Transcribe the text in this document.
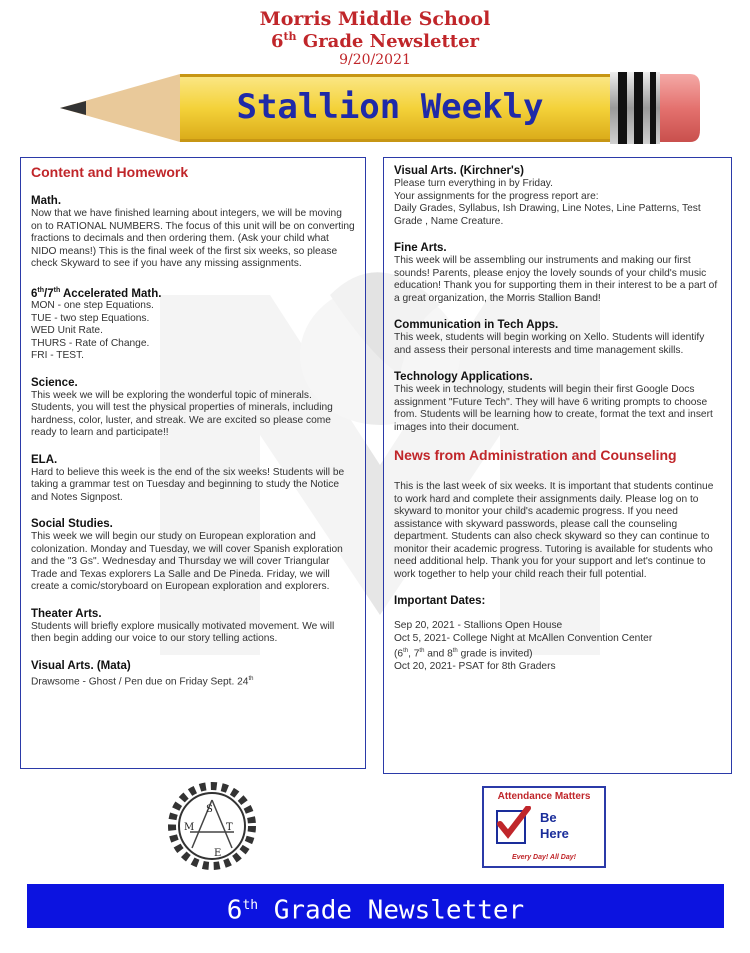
Morris Middle School
6th Grade Newsletter
9/20/2021
Stallion Weekly
Content and Homework
Math.
Now that we have finished learning about integers, we will be moving on to RATIONAL NUMBERS. The focus of this unit will be on converting fractions to decimals and then ordering them. (Ask your child what NIDO means!) This is the final week of the first six weeks, so please check Skyward to see if you have any missing assignments.
6th/7th Accelerated Math.
MON - one step Equations.
TUE - two step Equations.
WED Unit Rate.
THURS - Rate of Change.
FRI - TEST.
Science.
This week we will be exploring the wonderful topic of minerals. Students, you will test the physical properties of minerals, including hardness, color, luster, and streak. We are excited so please come ready to learn and participate!!
ELA.
Hard to believe this week is the end of the six weeks! Students will be taking a grammar test on Tuesday and beginning to study the Notice and Notes Signpost.
Social Studies.
This week we will begin our study on European exploration and colonization. Monday and Tuesday, we will cover Spanish exploration and the "3 Gs". Wednesday and Thursday we will cover Triangular Trade and Texas explorers La Salle and De Pineda. Friday, we will create a comic/storyboard on European exploration and explorers.
Theater Arts.
Students will briefly explore musically motivated movement. We will then begin adding our voice to our story telling actions.
Visual Arts. (Mata)
Drawsome - Ghost / Pen due on Friday Sept. 24th
Visual Arts. (Kirchner's)
Please turn everything in by Friday.
Your assignments for the progress report are:
Daily Grades, Syllabus, Ish Drawing, Line Notes, Line Patterns, Test Grade , Name Creature.
Fine Arts.
This week will be assembling our instruments and making our first sounds! Parents, please enjoy the lovely sounds of your child's music education! Thank you for supporting them in their interest to be a part of a great organization, the Morris Stallion Band!
Communication in Tech Apps.
This week, students will begin working on Xello. Students will identify and assess their personal interests and time management skills.
Technology Applications.
This week in technology, students will begin their first Google Docs assignment "Future Tech". They will have 6 writing prompts to choose from. Students will be learning how to create, format the text and insert images into their document.
News from Administration and Counseling
This is the last week of six weeks. It is important that students continue to work hard and complete their assignments daily. Please log on to skyward to monitor your child's academic progress. If you need assistance with skyward passwords, please call the counseling department. Students can also check skyward so they can continue to monitor their academic progress. Tutoring is available for students who need additional help. Thank you for your support and let's continue to work together to help your child reach their full potential.
Important Dates:
Sep 20, 2021 - Stallions Open House
Oct 5, 2021- College Night at McAllen Convention Center
(6th, 7th and 8th grade is invited)
Oct 20, 2021- PSAT for 8th Graders
S
T
E
M
Attendance Matters
Be
Here
Every Day! All Day!
6th Grade Newsletter
